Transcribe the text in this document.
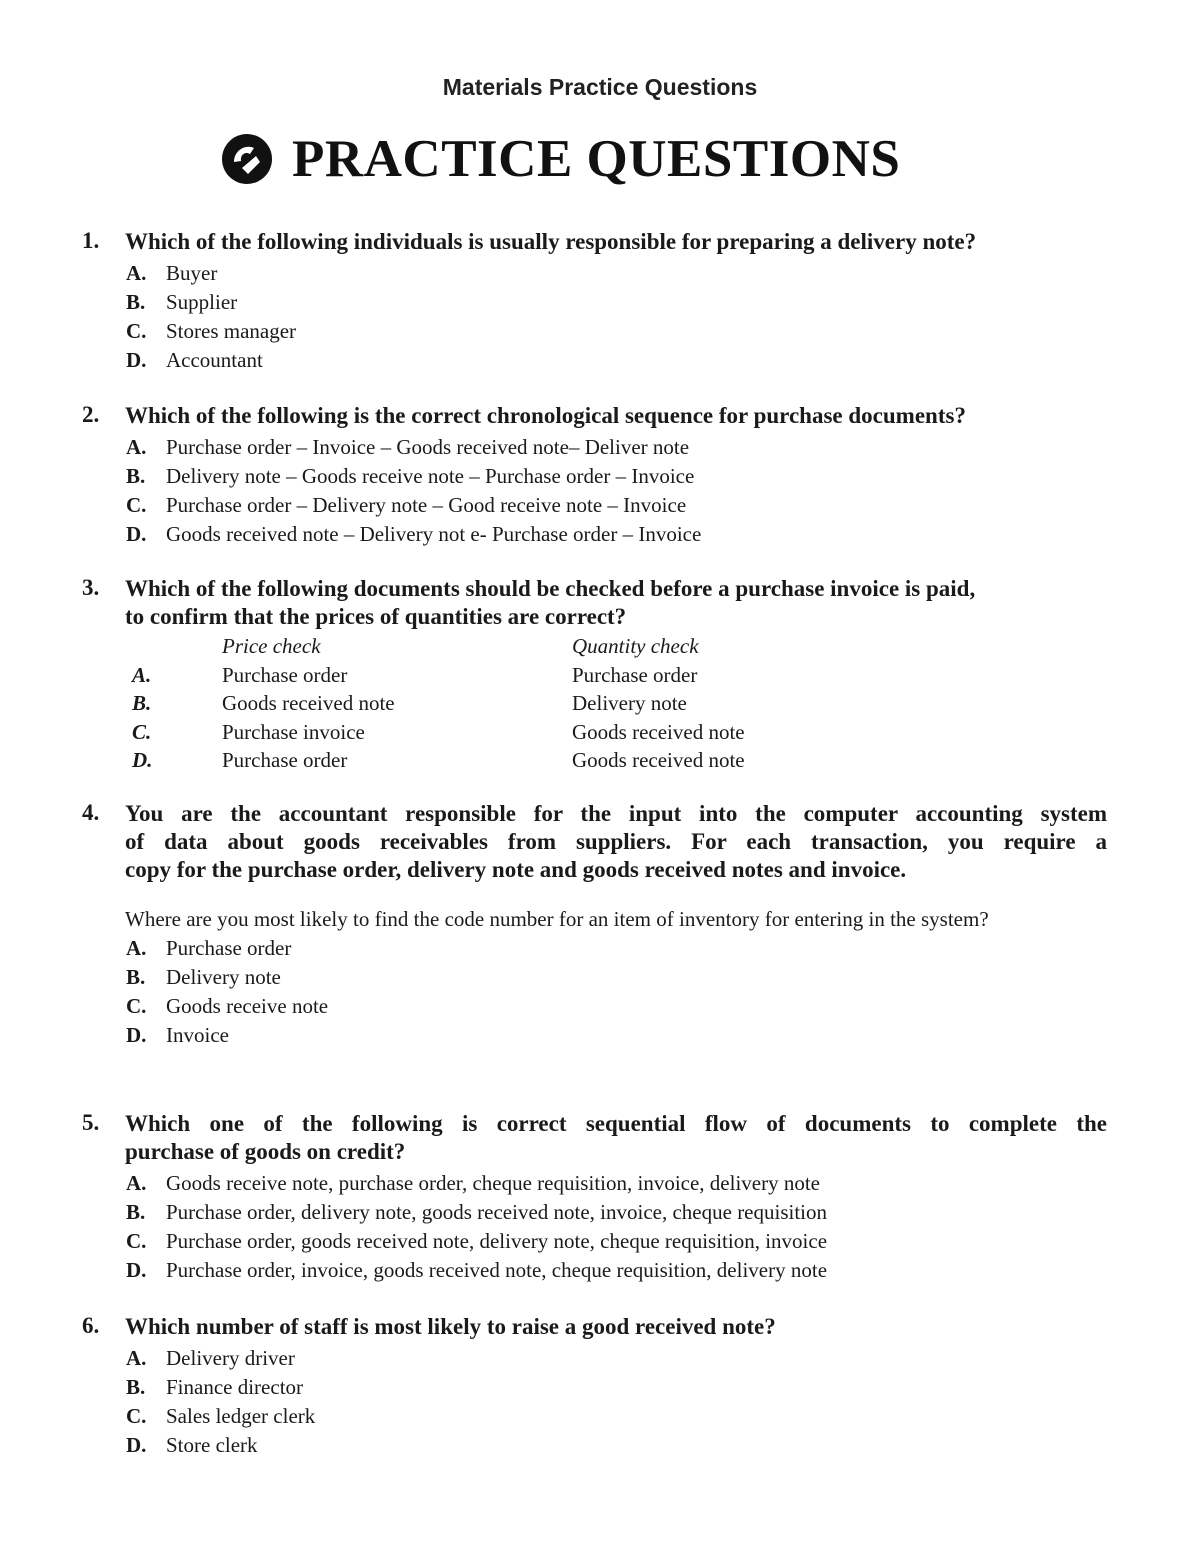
Materials Practice Questions
PRACTICE QUESTIONS
1. Which of the following individuals is usually responsible for preparing a delivery note?
A. Buyer
B. Supplier
C. Stores manager
D. Accountant
2. Which of the following is the correct chronological sequence for purchase documents?
A. Purchase order – Invoice – Goods received note– Deliver note
B. Delivery note – Goods receive note – Purchase order – Invoice
C. Purchase order – Delivery note – Good receive note – Invoice
D. Goods received note – Delivery not e- Purchase order – Invoice
3. Which of the following documents should be checked before a purchase invoice is paid,
to confirm that the prices of quantities are correct?
	Price check	Quantity check
A.	Purchase order	Purchase order
B.	Goods received note	Delivery note
C.	Purchase invoice	Goods received note
D.	Purchase order	Goods received note
4. You are the accountant responsible for the input into the computer accounting system
of data about goods receivables from suppliers. For each transaction, you require a
copy for the purchase order, delivery note and goods received notes and invoice.
Where are you most likely to find the code number for an item of inventory for entering in the system?
A. Purchase order
B. Delivery note
C. Goods receive note
D. Invoice
5. Which one of the following is correct sequential flow of documents to complete the
purchase of goods on credit?
A. Goods receive note, purchase order, cheque requisition, invoice, delivery note
B. Purchase order, delivery note, goods received note, invoice, cheque requisition
C. Purchase order, goods received note, delivery note, cheque requisition, invoice
D. Purchase order, invoice, goods received note, cheque requisition, delivery note
6. Which number of staff is most likely to raise a good received note?
A. Delivery driver
B. Finance director
C. Sales ledger clerk
D. Store clerk
